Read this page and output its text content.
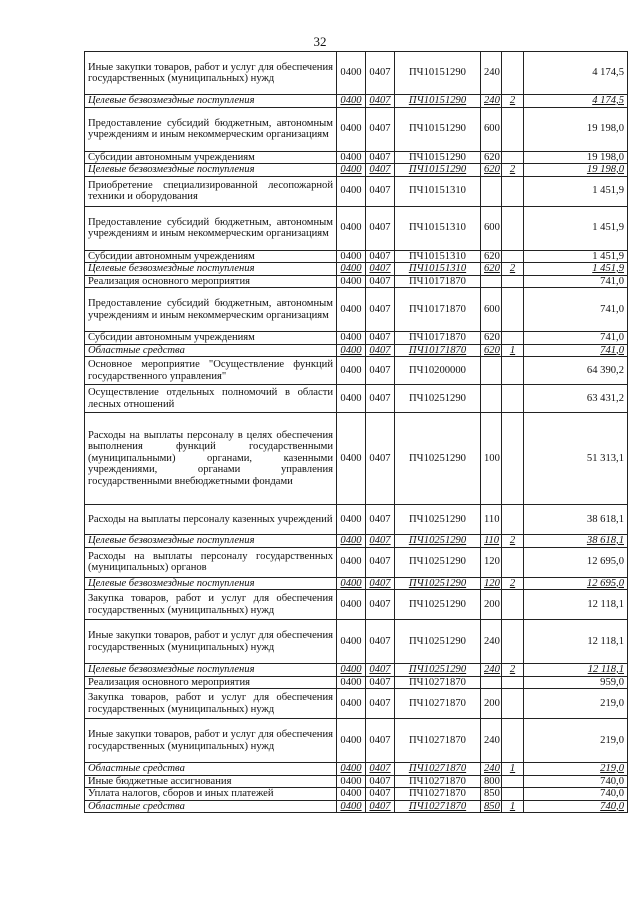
32
Иные закупки товаров, работ и услуг для обеспечения государственных (муниципальных) нужд	0400	0407	ПЧ10151290	240		4 174,5
Целевые безвозмездные поступления	0400	0407	ПЧ10151290	240	2	4 174,5
Предоставление субсидий бюджетным, автономным учреждениям и иным некоммерческим организациям	0400	0407	ПЧ10151290	600		19 198,0
Субсидии автономным учреждениям	0400	0407	ПЧ10151290	620		19 198,0
Целевые безвозмездные поступления	0400	0407	ПЧ10151290	620	2	19 198,0
Приобретение специализированной лесопожарной техники и оборудования	0400	0407	ПЧ10151310			1 451,9
Предоставление субсидий бюджетным, автономным учреждениям и иным некоммерческим организациям	0400	0407	ПЧ10151310	600		1 451,9
Субсидии автономным учреждениям	0400	0407	ПЧ10151310	620		1 451,9
Целевые безвозмездные поступления	0400	0407	ПЧ10151310	620	2	1 451,9
Реализация основного мероприятия	0400	0407	ПЧ10171870			741,0
Предоставление субсидий бюджетным, автономным учреждениям и иным некоммерческим организациям	0400	0407	ПЧ10171870	600		741,0
Субсидии автономным учреждениям	0400	0407	ПЧ10171870	620		741,0
Областные средства	0400	0407	ПЧ10171870	620	1	741,0
Основное мероприятие "Осуществление функций государственного управления"	0400	0407	ПЧ10200000			64 390,2
Осуществление отдельных полномочий в области лесных отношений	0400	0407	ПЧ10251290			63 431,2
Расходы на выплаты персоналу в целях обеспечения выполнения функций государственными (муниципальными) органами, казенными учреждениями, органами управления государственными внебюджетными фондами	0400	0407	ПЧ10251290	100		51 313,1
Расходы на выплаты персоналу казенных учреждений	0400	0407	ПЧ10251290	110		38 618,1
Целевые безвозмездные поступления	0400	0407	ПЧ10251290	110	2	38 618,1
Расходы на выплаты персоналу государственных (муниципальных) органов	0400	0407	ПЧ10251290	120		12 695,0
Целевые безвозмездные поступления	0400	0407	ПЧ10251290	120	2	12 695,0
Закупка товаров, работ и услуг для обеспечения государственных (муниципальных) нужд	0400	0407	ПЧ10251290	200		12 118,1
Иные закупки товаров, работ и услуг для обеспечения государственных (муниципальных) нужд	0400	0407	ПЧ10251290	240		12 118,1
Целевые безвозмездные поступления	0400	0407	ПЧ10251290	240	2	12 118,1
Реализация основного мероприятия	0400	0407	ПЧ10271870			959,0
Закупка товаров, работ и услуг для обеспечения государственных (муниципальных) нужд	0400	0407	ПЧ10271870	200		219,0
Иные закупки товаров, работ и услуг для обеспечения государственных (муниципальных) нужд	0400	0407	ПЧ10271870	240		219,0
Областные средства	0400	0407	ПЧ10271870	240	1	219,0
Иные бюджетные ассигнования	0400	0407	ПЧ10271870	800		740,0
Уплата налогов, сборов и иных платежей	0400	0407	ПЧ10271870	850		740,0
Областные средства	0400	0407	ПЧ10271870	850	1	740,0
